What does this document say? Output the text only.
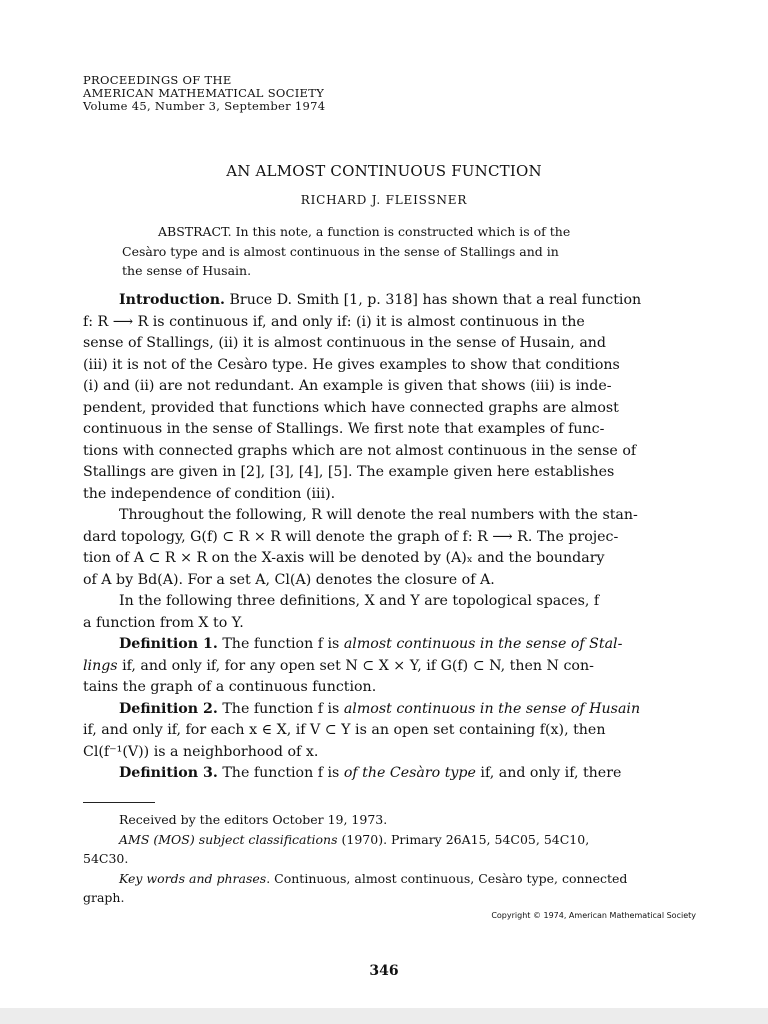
PROCEEDINGS OF THE
AMERICAN MATHEMATICAL SOCIETY
Volume 45, Number 3, September 1974
AN ALMOST CONTINUOUS FUNCTION
RICHARD J. FLEISSNER
ABSTRACT. In this note, a function is constructed which is of the
Cesàro type and is almost continuous in the sense of Stallings and in
the sense of Husain.
Introduction. Bruce D. Smith [1, p. 318] has shown that a real function
f: R ⟶ R is continuous if, and only if: (i) it is almost continuous in the
sense of Stallings, (ii) it is almost continuous in the sense of Husain, and
(iii) it is not of the Cesàro type. He gives examples to show that conditions
(i) and (ii) are not redundant. An example is given that shows (iii) is inde-
pendent, provided that functions which have connected graphs are almost
continuous in the sense of Stallings. We first note that examples of func-
tions with connected graphs which are not almost continuous in the sense of
Stallings are given in [2], [3], [4], [5]. The example given here establishes
the independence of condition (iii).
Throughout the following, R will denote the real numbers with the stan-
dard topology, G(f) ⊂ R × R will denote the graph of f: R ⟶ R. The projec-
tion of A ⊂ R × R on the X-axis will be denoted by (A)ₓ and the boundary
of A by Bd(A). For a set A, Cl(A) denotes the closure of A.
In the following three definitions, X and Y are topological spaces, f
a function from X to Y.
Definition 1. The function f is almost continuous in the sense of Stal-
lings if, and only if, for any open set N ⊂ X × Y, if G(f) ⊂ N, then N con-
tains the graph of a continuous function.
Definition 2. The function f is almost continuous in the sense of Husain
if, and only if, for each x ∈ X, if V ⊂ Y is an open set containing f(x), then
Cl(f⁻¹(V)) is a neighborhood of x.
Definition 3. The function f is of the Cesàro type if, and only if, there
Received by the editors October 19, 1973.
AMS (MOS) subject classifications (1970). Primary 26A15, 54C05, 54C10,
54C30.
Key words and phrases. Continuous, almost continuous, Cesàro type, connected
graph.
Copyright © 1974, American Mathematical Society
346
